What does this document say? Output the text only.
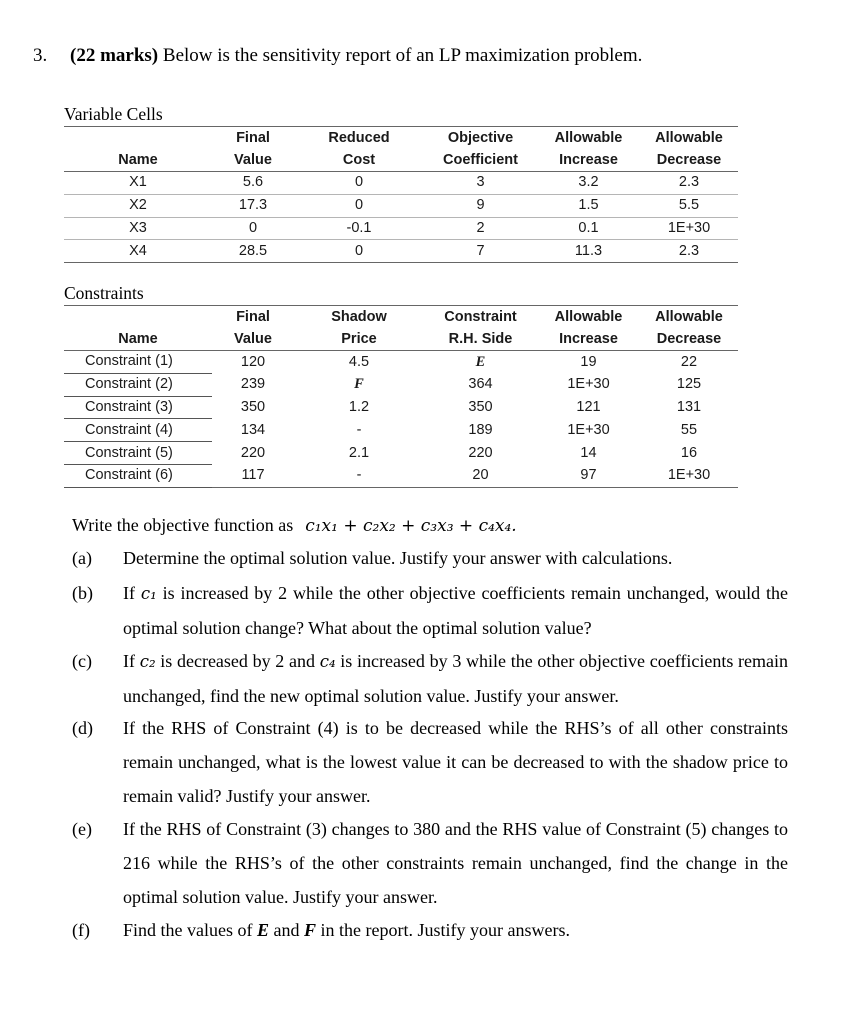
3. (22 marks) Below is the sensitivity report of an LP maximization problem.
Variable Cells
	Final	Reduced	Objective	Allowable	Allowable
Name	Value	Cost	Coefficient	Increase	Decrease
X1	5.6	0	3	3.2	2.3
X2	17.3	0	9	1.5	5.5
X3	0	-0.1	2	0.1	1E+30
X4	28.5	0	7	11.3	2.3
Constraints
	Final	Shadow	Constraint	Allowable	Allowable
Name	Value	Price	R.H. Side	Increase	Decrease
Constraint (1)	120	4.5	E	19	22
Constraint (2)	239	F	364	1E+30	125
Constraint (3)	350	1.2	350	121	131
Constraint (4)	134	-	189	1E+30	55
Constraint (5)	220	2.1	220	14	16
Constraint (6)	117	-	20	97	1E+30
Write the objective function as c₁x₁ + c₂x₂ + c₃x₃ + c₄x₄.
(a)	Determine the optimal solution value. Justify your answer with calculations.
(b)	If c₁ is increased by 2 while the other objective coefficients remain unchanged, would the optimal solution change? What about the optimal solution value?
(c)	If c₂ is decreased by 2 and c₄ is increased by 3 while the other objective coefficients remain unchanged, find the new optimal solution value. Justify your answer.
(d)	If the RHS of Constraint (4) is to be decreased while the RHS’s of all other constraints remain unchanged, what is the lowest value it can be decreased to with the shadow price to remain valid? Justify your answer.
(e)	If the RHS of Constraint (3) changes to 380 and the RHS value of Constraint (5) changes to 216 while the RHS’s of the other constraints remain unchanged, find the change in the optimal solution value. Justify your answer.
(f)	Find the values of E and F in the report. Justify your answers.
